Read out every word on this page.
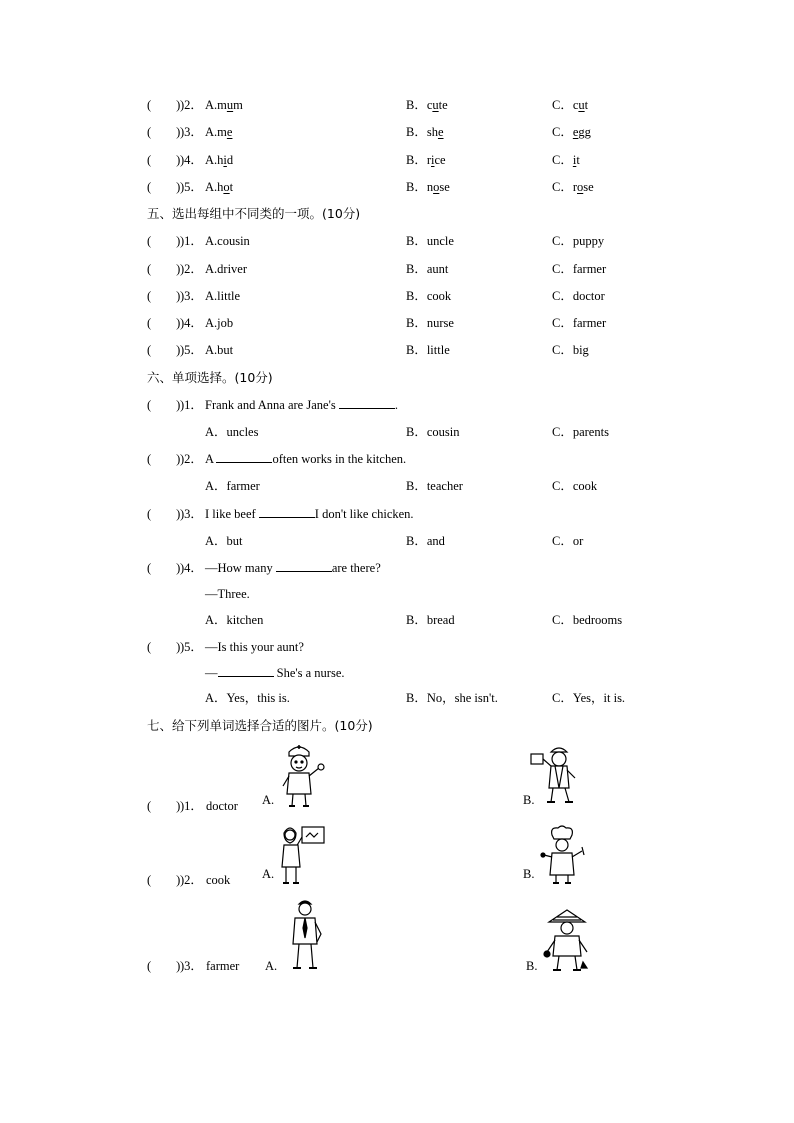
(　　) )2． A.mum	B．cute	C．cut
(　　) )3． A.me	B．she	C．egg
(　　) )4． A.hid	B．rice	C．it
(　　) )5． A.hot	B．nose	C．rose
五、选出每组中不同类的一项。(10分)
(　　) )1． A.cousin	B．uncle	C．puppy
(　　) )2． A.driver	B．aunt	C．farmer
(　　) )3． A.little	B．cook	C．doctor
(　　) )4． A.job	B．nurse	C．farmer
(　　) )5． A.but	B．little	C．big
六、单项选择。(10分)
(　　) )1． Frank and Anna are Jane's	.
A．uncles	B．cousin	C．parents
(　　) )2． A	often works in the kitchen.
A．farmer	B．teacher	C．cook
(　　) )3． I like beef	I don't like chicken.
A．but	B．and	C．or
(　　) )4． —How many	are there?
—Three.
A．kitchen	B．bread	C．bedrooms
(　　) )5． —Is this your aunt?
—	She's a nurse.
A．Yes，this is.	B．No，she isn't.	C．Yes，it is.
七、给下列单词选择合适的图片。(10分)
(　　) )1． doctor A.	B.
(　　) )2． cook	A.	B.
(　　) )3． farmer A.	B.
